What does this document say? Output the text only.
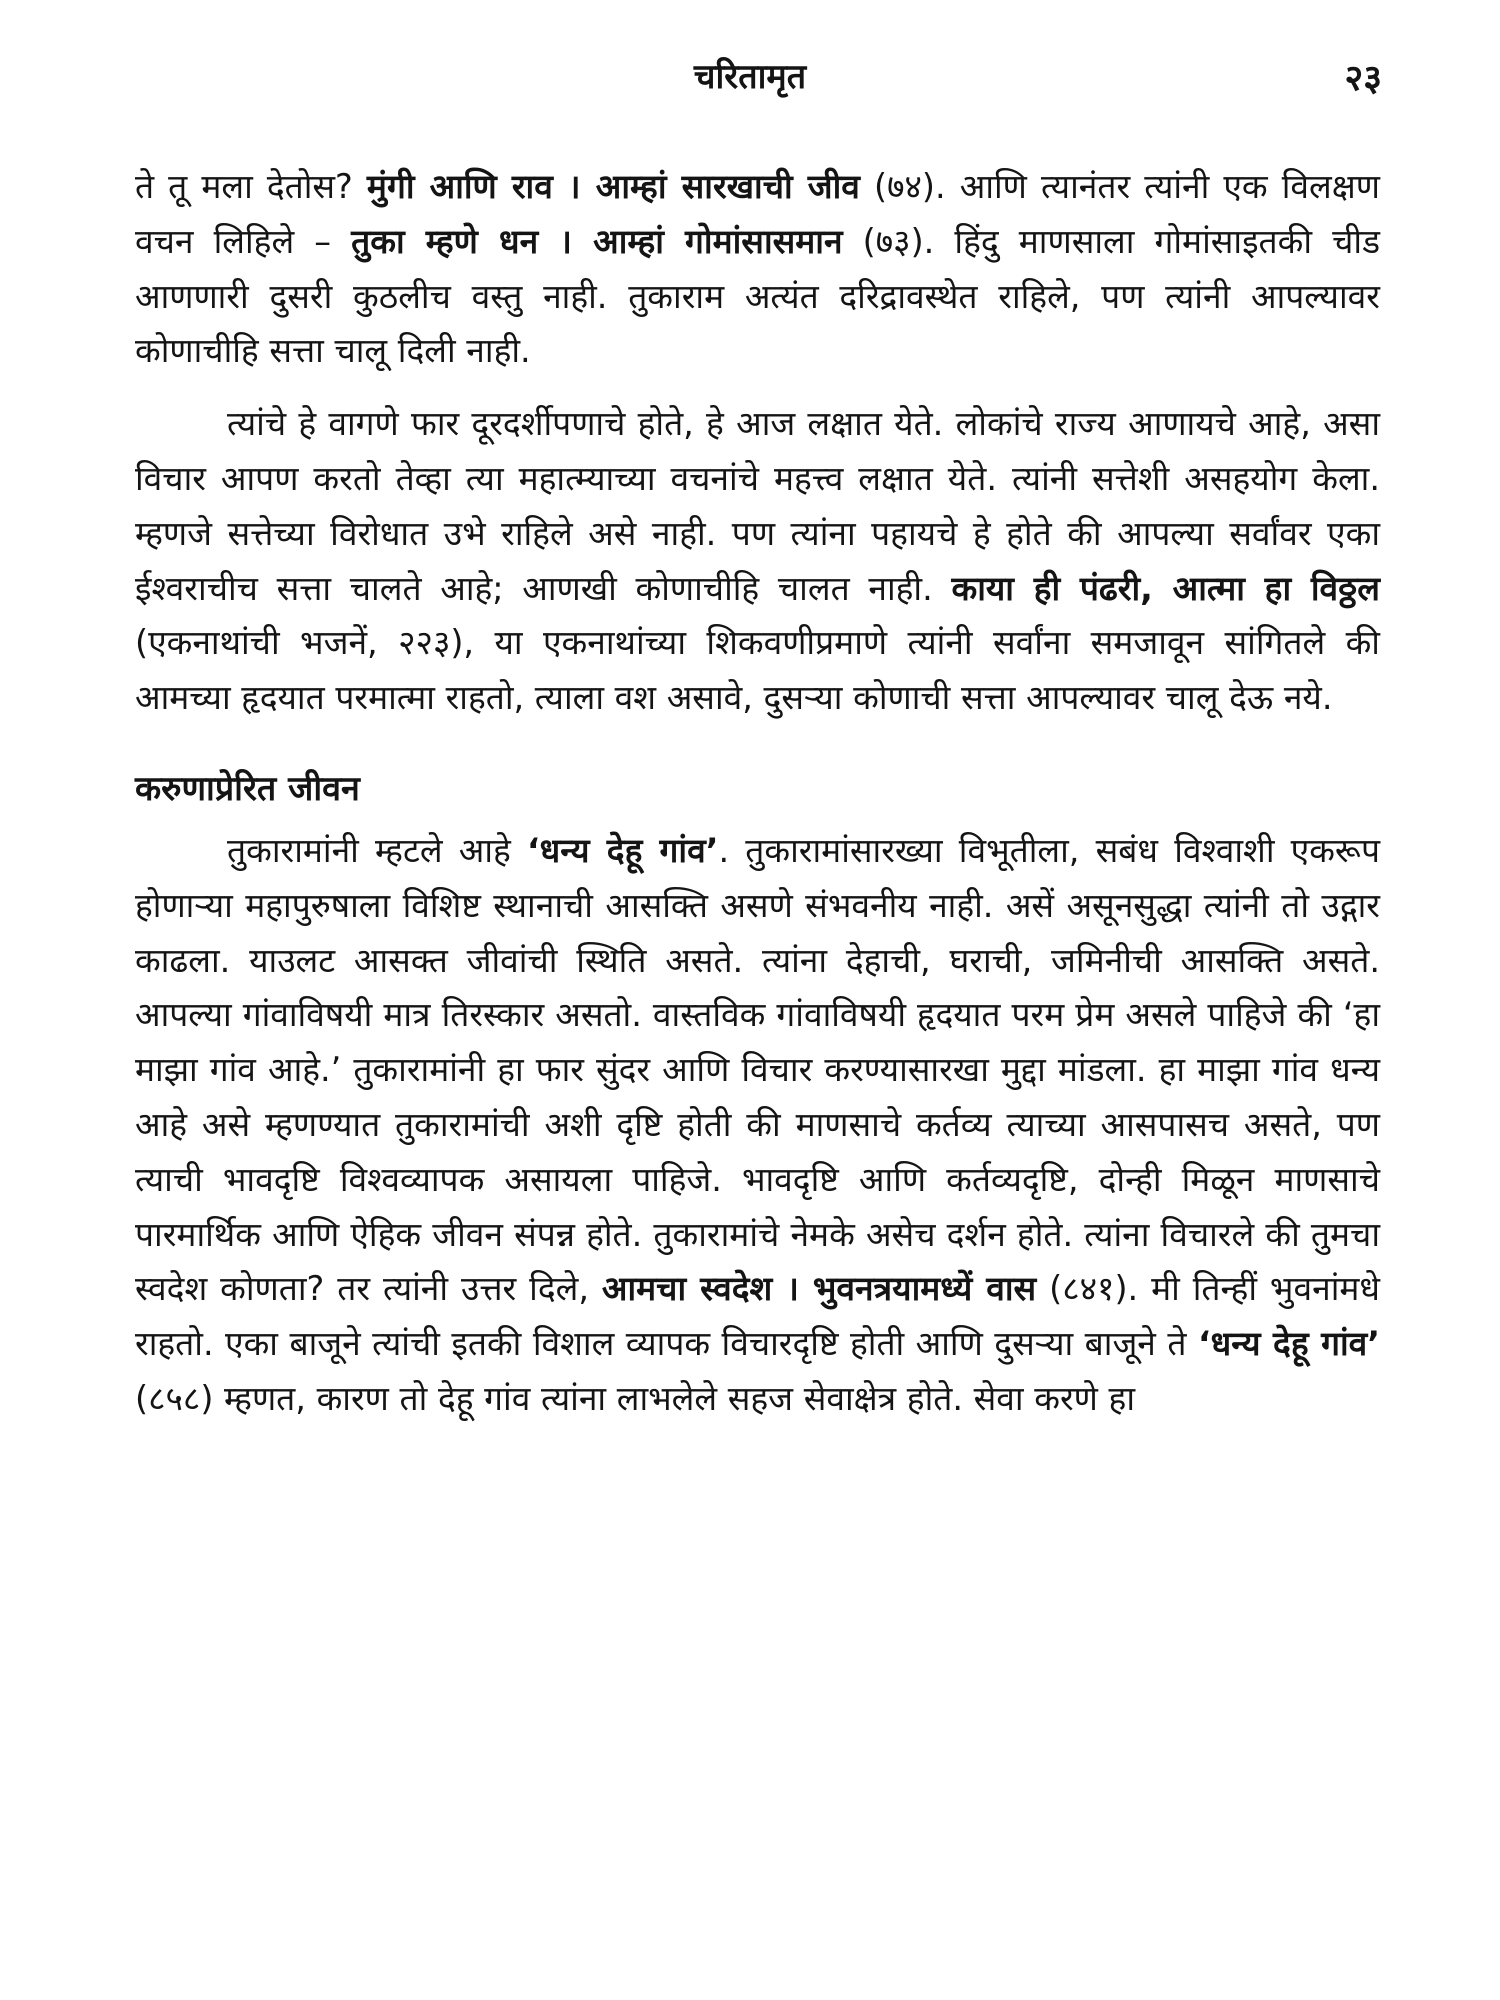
चरितामृत	२३

ते तू मला देतोस? मुंगी आणि राव । आम्हां सारखाची जीव (७४). आणि त्यानंतर त्यांनी एक विलक्षण वचन लिहिले – तुका म्हणे धन । आम्हां गोमांसासमान (७३). हिंदु माणसाला गोमांसाइतकी चीड आणणारी दुसरी कुठलीच वस्तु नाही. तुकाराम अत्यंत दरिद्रावस्थेत राहिले, पण त्यांनी आपल्यावर कोणाचीहि सत्ता चालू दिली नाही.

त्यांचे हे वागणे फार दूरदर्शीपणाचे होते, हे आज लक्षात येते. लोकांचे राज्य आणायचे आहे, असा विचार आपण करतो तेव्हा त्या महात्म्याच्या वचनांचे महत्त्व लक्षात येते. त्यांनी सत्तेशी असहयोग केला. म्हणजे सत्तेच्या विरोधात उभे राहिले असे नाही. पण त्यांना पहायचे हे होते की आपल्या सर्वांवर एका ईश्वराचीच सत्ता चालते आहे; आणखी कोणाचीहि चालत नाही. काया ही पंढरी, आत्मा हा विठ्ठल (एकनाथांची भजनें, २२३), या एकनाथांच्या शिकवणीप्रमाणे त्यांनी सर्वांना समजावून सांगितले की आमच्या हृदयात परमात्मा राहतो, त्याला वश असावे, दुसऱ्या कोणाची सत्ता आपल्यावर चालू देऊ नये.

करुणाप्रेरित जीवन

तुकारामांनी म्हटले आहे ‘धन्य देहू गांव’. तुकारामांसारख्या विभूतीला, सबंध विश्वाशी एकरूप होणाऱ्या महापुरुषाला विशिष्ट स्थानाची आसक्ति असणे संभवनीय नाही. असें असूनसुद्धा त्यांनी तो उद्गार काढला. याउलट आसक्त जीवांची स्थिति असते. त्यांना देहाची, घराची, जमिनीची आसक्ति असते. आपल्या गांवाविषयी मात्र तिरस्कार असतो. वास्तविक गांवाविषयी हृदयात परम प्रेम असले पाहिजे की ‘हा माझा गांव आहे.’ तुकारामांनी हा फार सुंदर आणि विचार करण्यासारखा मुद्दा मांडला. हा माझा गांव धन्य आहे असे म्हणण्यात तुकारामांची अशी दृष्टि होती की माणसाचे कर्तव्य त्याच्या आसपासच असते, पण त्याची भावदृष्टि विश्वव्यापक असायला पाहिजे. भावदृष्टि आणि कर्तव्यदृष्टि, दोन्ही मिळून माणसाचे पारमार्थिक आणि ऐहिक जीवन संपन्न होते. तुकारामांचे नेमके असेच दर्शन होते. त्यांना विचारले की तुमचा स्वदेश कोणता? तर त्यांनी उत्तर दिले, आमचा स्वदेश । भुवनत्रयामध्यें वास (८४१). मी तिन्हीं भुवनांमधे राहतो. एका बाजूने त्यांची इतकी विशाल व्यापक विचारदृष्टि होती आणि दुसऱ्या बाजूने ते ‘धन्य देहू गांव’ (८५८) म्हणत, कारण तो देहू गांव त्यांना लाभलेले सहज सेवाक्षेत्र होते. सेवा करणे हा
